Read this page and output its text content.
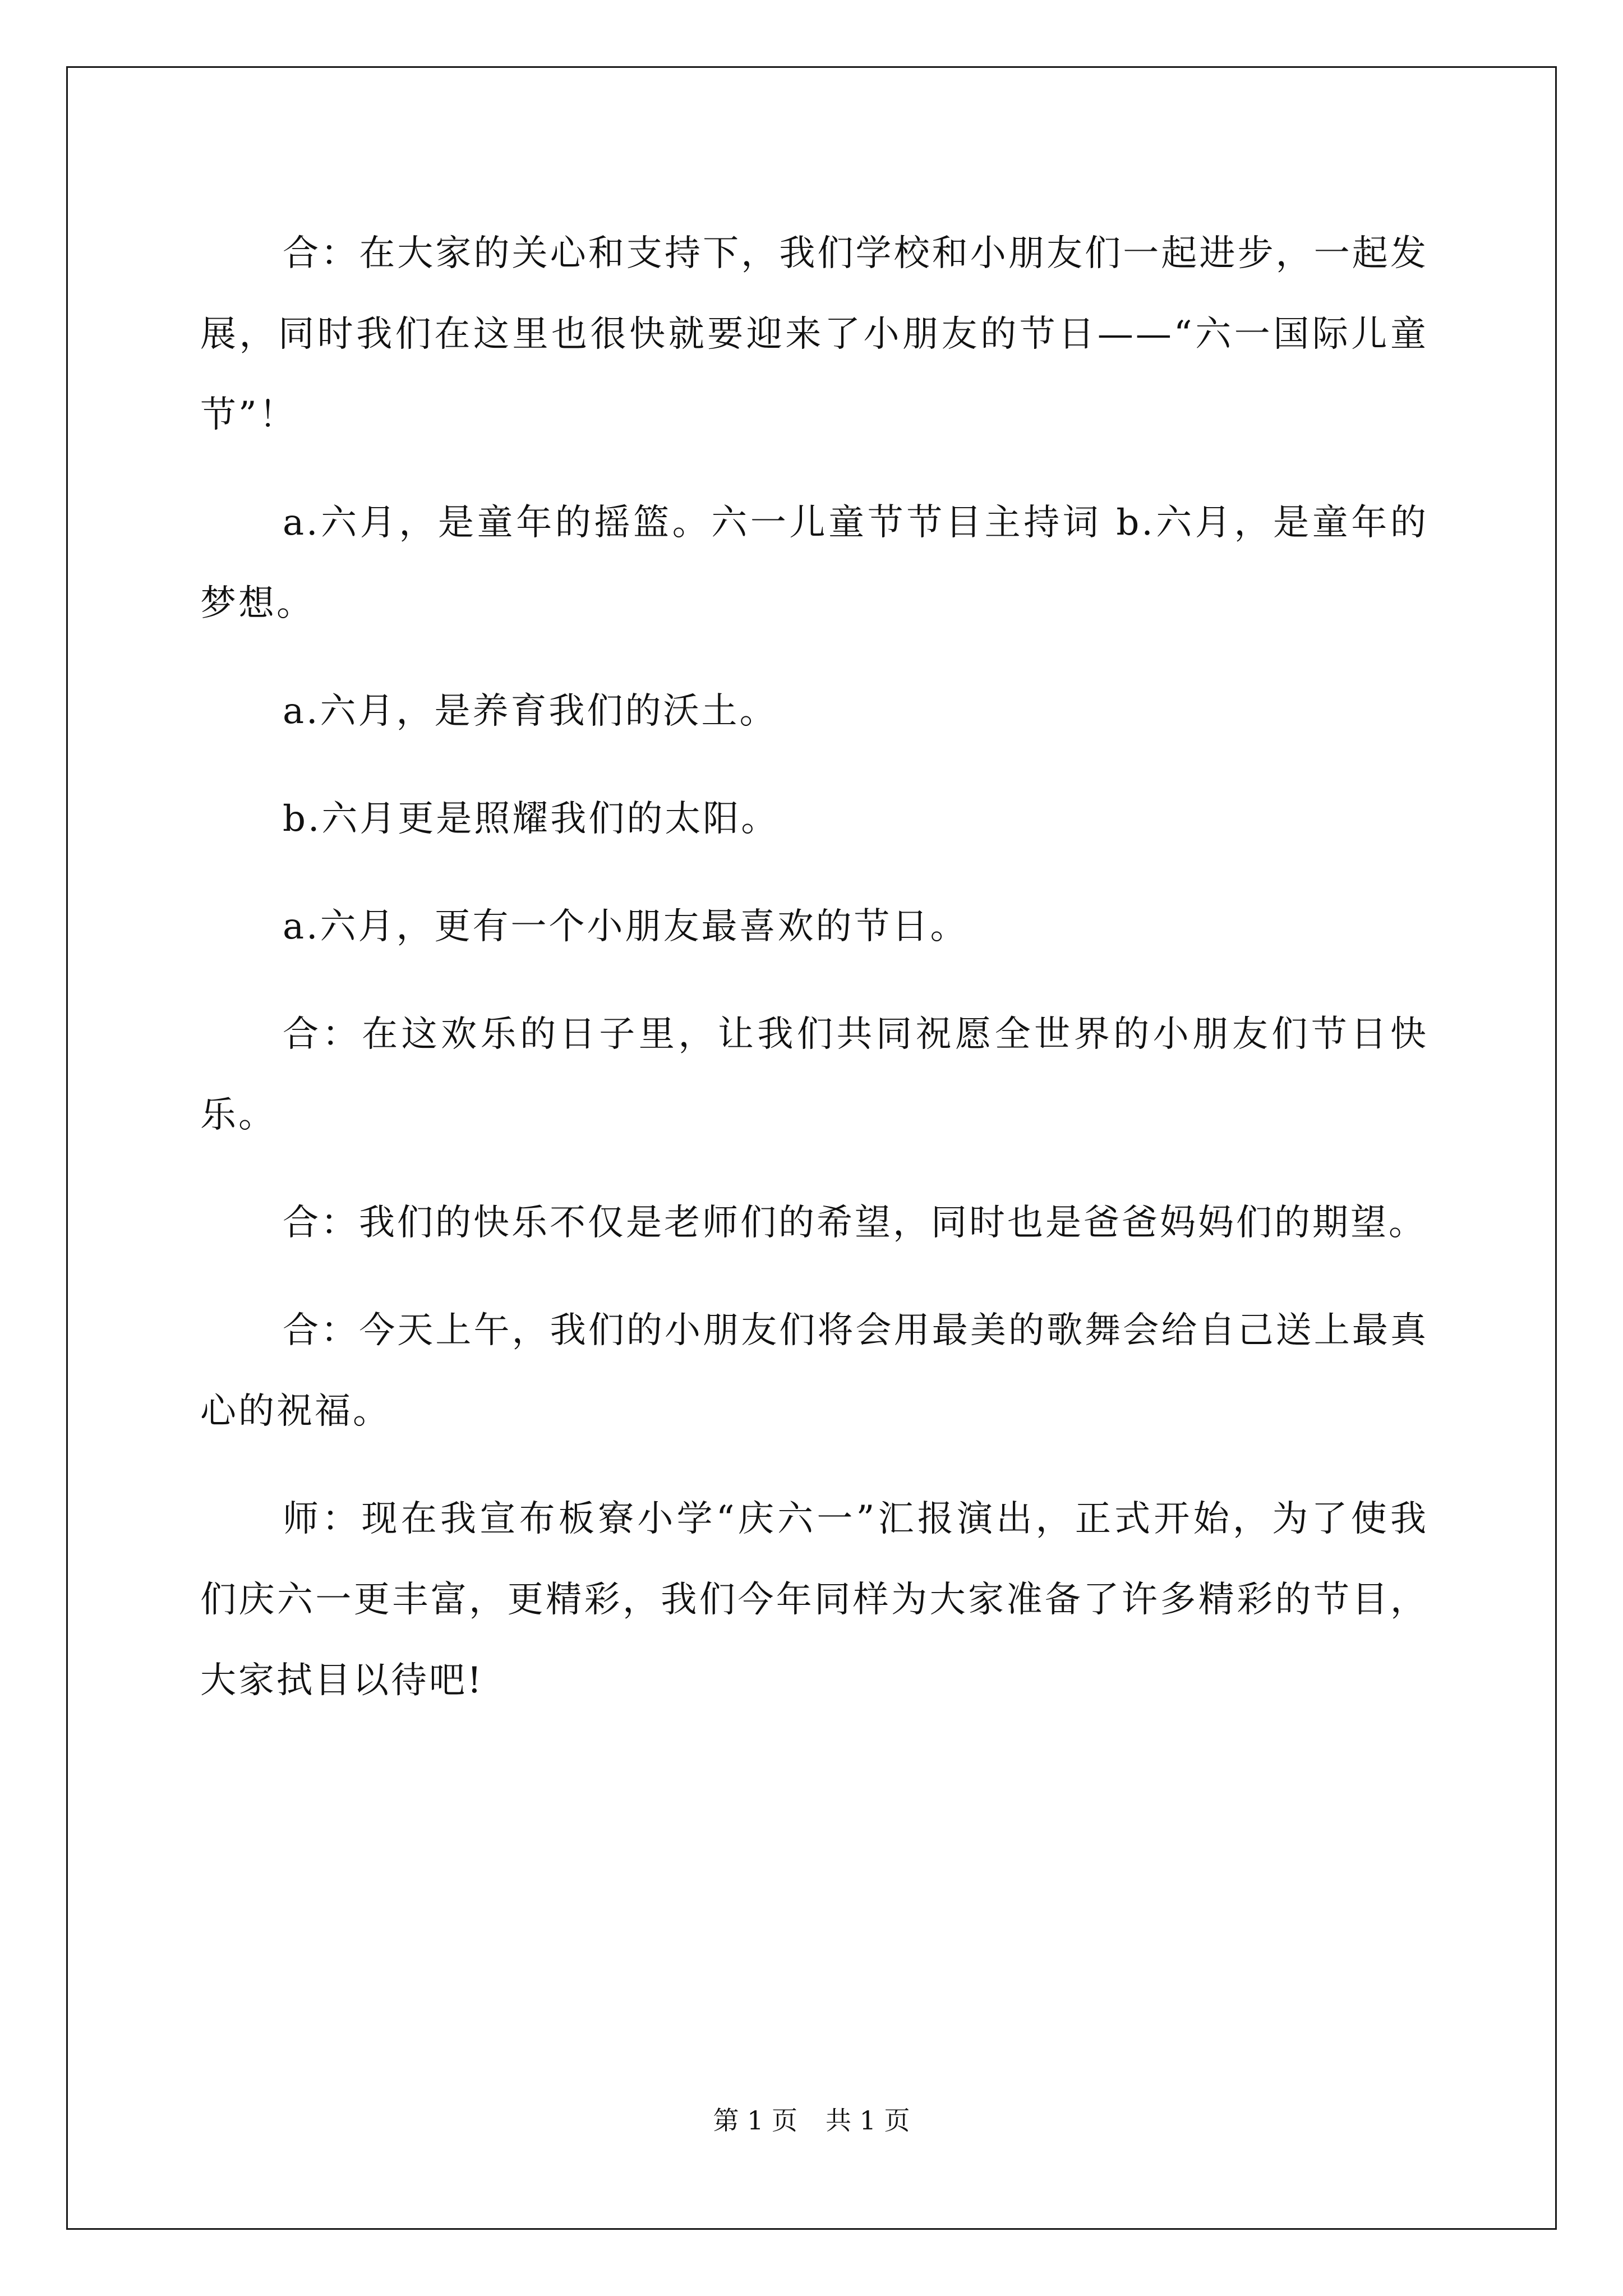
合：在大家的关心和支持下，我们学校和小朋友们一起进步，一起发展，同时我们在这里也很快就要迎来了小朋友的节日——“六一国际儿童节”！

a.六月，是童年的摇篮。六一儿童节节目主持词 b.六月，是童年的梦想。

a.六月，是养育我们的沃土。

b.六月更是照耀我们的太阳。

a.六月，更有一个小朋友最喜欢的节日。

合：在这欢乐的日子里，让我们共同祝愿全世界的小朋友们节日快乐。

合：我们的快乐不仅是老师们的希望，同时也是爸爸妈妈们的期望。

合：今天上午，我们的小朋友们将会用最美的歌舞会给自己送上最真心的祝福。

师：现在我宣布板寮小学“庆六一”汇报演出，正式开始，为了使我们庆六一更丰富，更精彩，我们今年同样为大家准备了许多精彩的节目，大家拭目以待吧!

第 1 页 共 1 页
